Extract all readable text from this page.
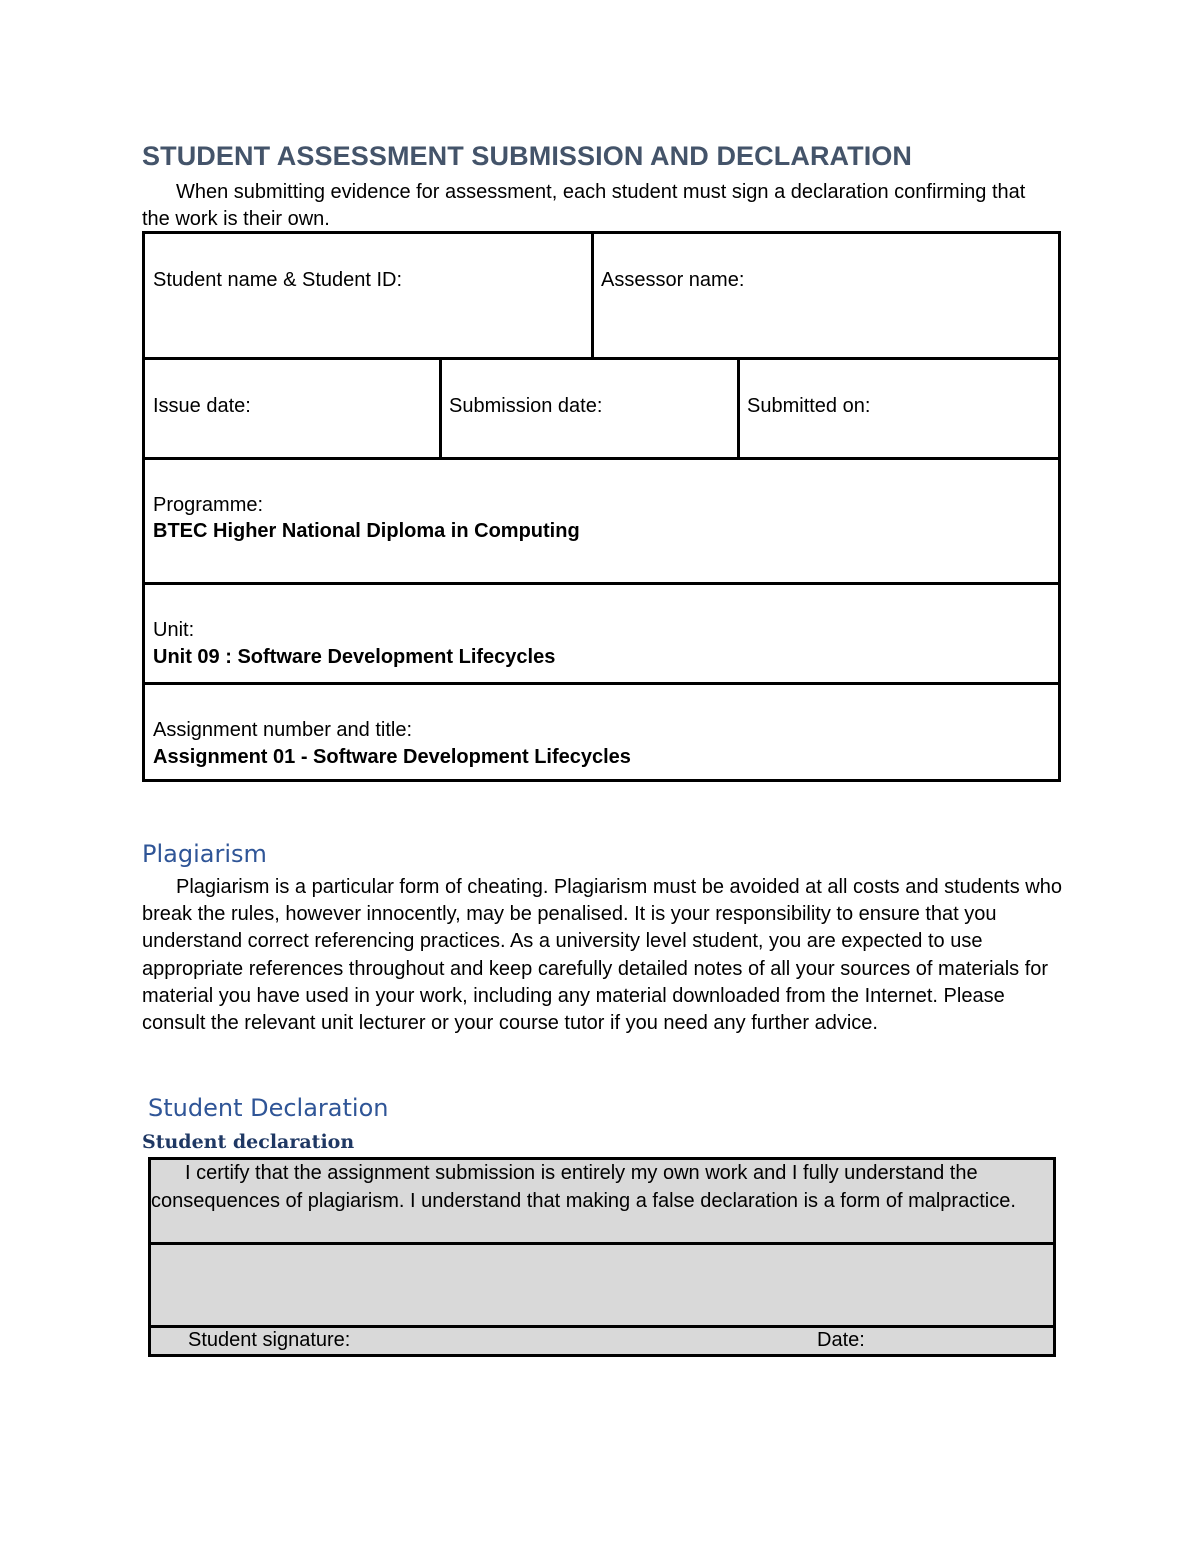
STUDENT ASSESSMENT SUBMISSION AND DECLARATION
When submitting evidence for assessment, each student must sign a declaration confirming that the work is their own.
Student name & Student ID:	Assessor name:
Issue date:	Submission date:	Submitted on:
Programme:
BTEC Higher National Diploma in Computing
Unit:
Unit 09 : Software Development Lifecycles
Assignment number and title:
Assignment 01 - Software Development Lifecycles
Plagiarism
Plagiarism is a particular form of cheating. Plagiarism must be avoided at all costs and students who break the rules, however innocently, may be penalised. It is your responsibility to ensure that you understand correct referencing practices. As a university level student, you are expected to use appropriate references throughout and keep carefully detailed notes of all your sources of materials for material you have used in your work, including any material downloaded from the Internet. Please consult the relevant unit lecturer or your course tutor if you need any further advice.
Student Declaration
Student declaration
I certify that the assignment submission is entirely my own work and I fully understand the consequences of plagiarism. I understand that making a false declaration is a form of malpractice.
Student signature:	Date:
